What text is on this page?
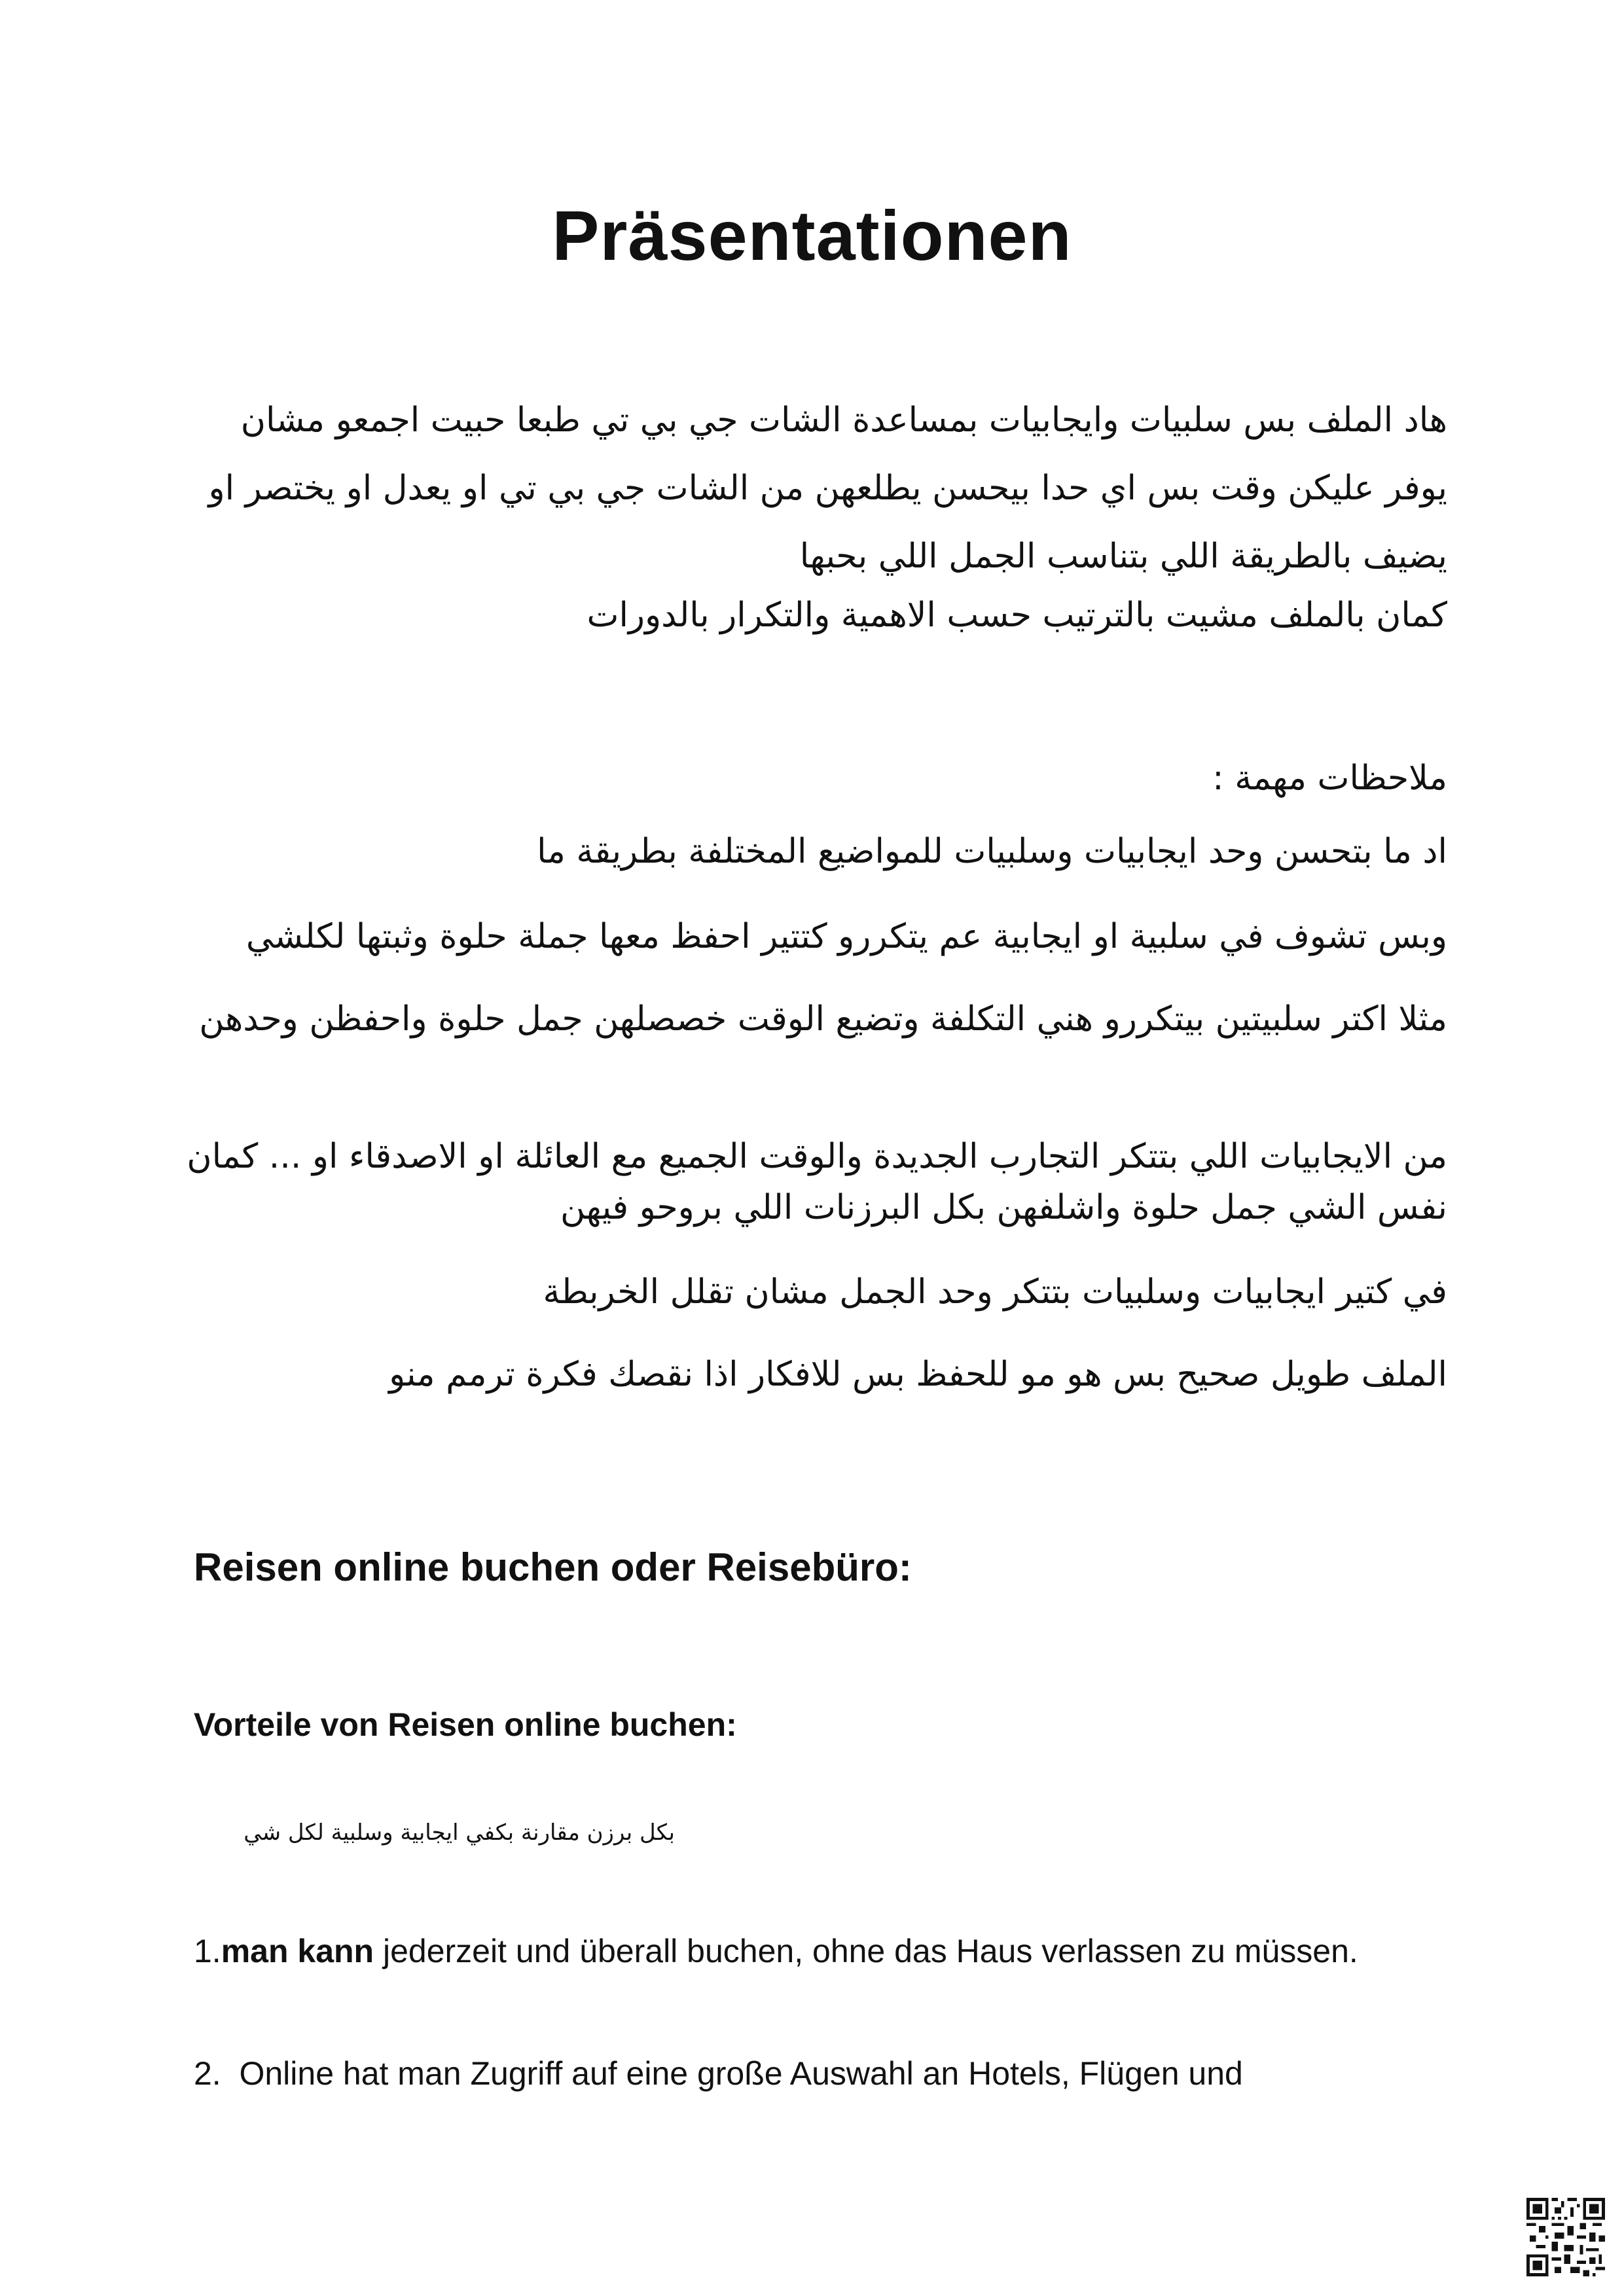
Präsentationen

هاد الملف بس سلبيات وايجابيات بمساعدة الشات جي بي تي طبعا حبيت اجمعو مشان يوفر عليكن وقت بس اي حدا بيحسن يطلعهن من الشات جي بي تي او يعدل او يختصر او يضيف بالطريقة اللي بتناسب الجمل اللي بحبها

كمان بالملف مشيت بالترتيب حسب الاهمية والتكرار بالدورات

ملاحظات مهمة :

اد ما بتحسن وحد ايجابيات وسلبيات للمواضيع المختلفة بطريقة ما

وبس تشوف في سلبية او ايجابية عم يتكررو كتتير احفظ معها جملة حلوة وثبتها لكلشي

مثلا اكتر سلبيتين بيتكررو هني التكلفة وتضيع الوقت خصصلهن جمل حلوة واحفظن وحدهن

من الايجابيات اللي بتتكر التجارب الجديدة والوقت الجميع مع العائلة او الاصدقاء او ... كمان نفس الشي جمل حلوة واشلفهن بكل البرزنات اللي بروحو فيهن

في كتير ايجابيات وسلبيات بتتكر وحد الجمل مشان تقلل الخربطة

الملف طويل صحيح بس هو مو للحفظ بس للافكار اذا نقصك فكرة ترمم منو

Reisen online buchen oder Reisebüro:
Vorteile von Reisen online buchen:

بكل برزن مقارنة بكفي ايجابية وسلبية لكل شي

1.man kann jederzeit und überall buchen, ohne das Haus verlassen zu müssen.

2.  Online hat man Zugriff auf eine große Auswahl an Hotels, Flügen und
